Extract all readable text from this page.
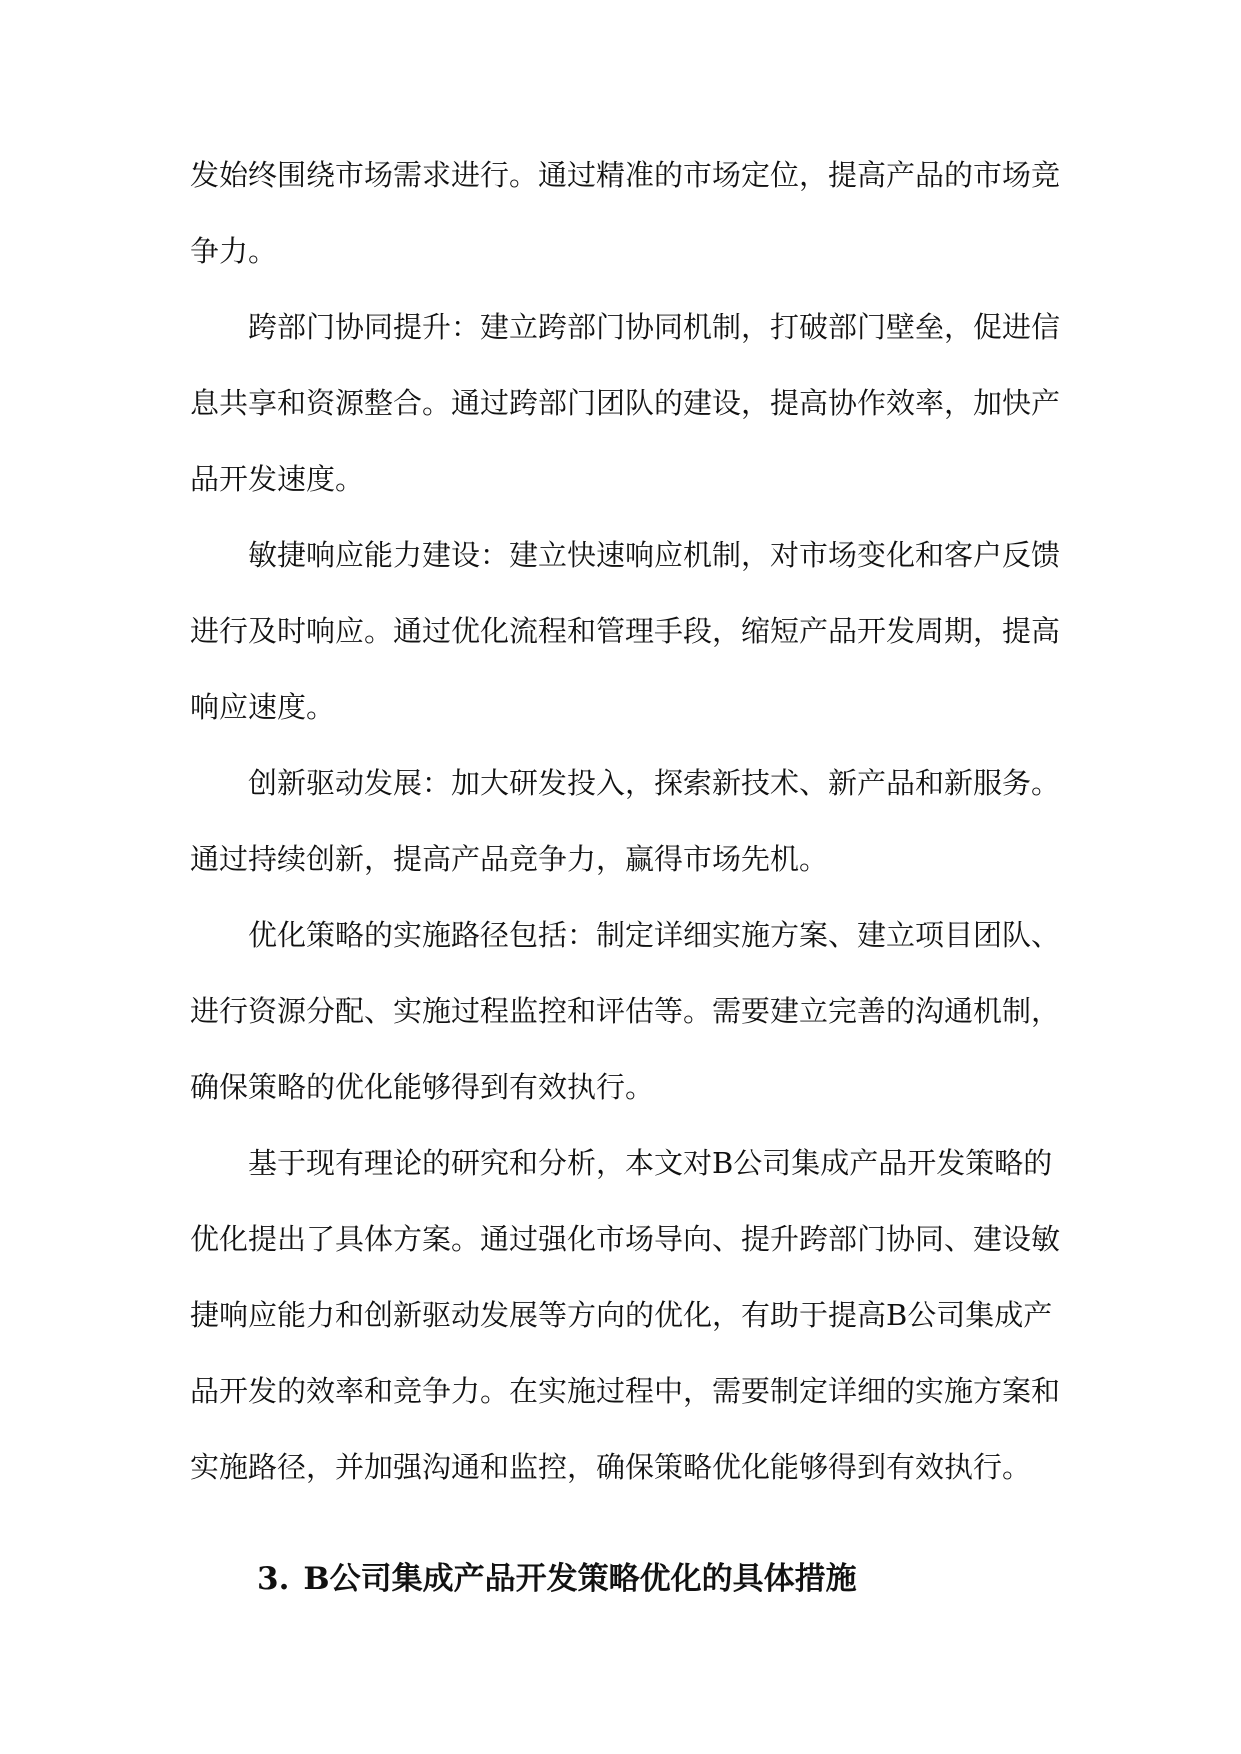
发始终围绕市场需求进行。通过精准的市场定位，提高产品的市场竞
争力。
跨部门协同提升：建立跨部门协同机制，打破部门壁垒，促进信
息共享和资源整合。通过跨部门团队的建设，提高协作效率，加快产
品开发速度。
敏捷响应能力建设：建立快速响应机制，对市场变化和客户反馈
进行及时响应。通过优化流程和管理手段，缩短产品开发周期，提高
响应速度。
创新驱动发展：加大研发投入，探索新技术、新产品和新服务。
通过持续创新，提高产品竞争力，赢得市场先机。
优化策略的实施路径包括：制定详细实施方案、建立项目团队、
进行资源分配、实施过程监控和评估等。需要建立完善的沟通机制，
确保策略的优化能够得到有效执行。
基于现有理论的研究和分析，本文对B公司集成产品开发策略的
优化提出了具体方案。通过强化市场导向、提升跨部门协同、建设敏
捷响应能力和创新驱动发展等方向的优化，有助于提高B公司集成产
品开发的效率和竞争力。在实施过程中，需要制定详细的实施方案和
实施路径，并加强沟通和监控，确保策略优化能够得到有效执行。
3. B公司集成产品开发策略优化的具体措施
